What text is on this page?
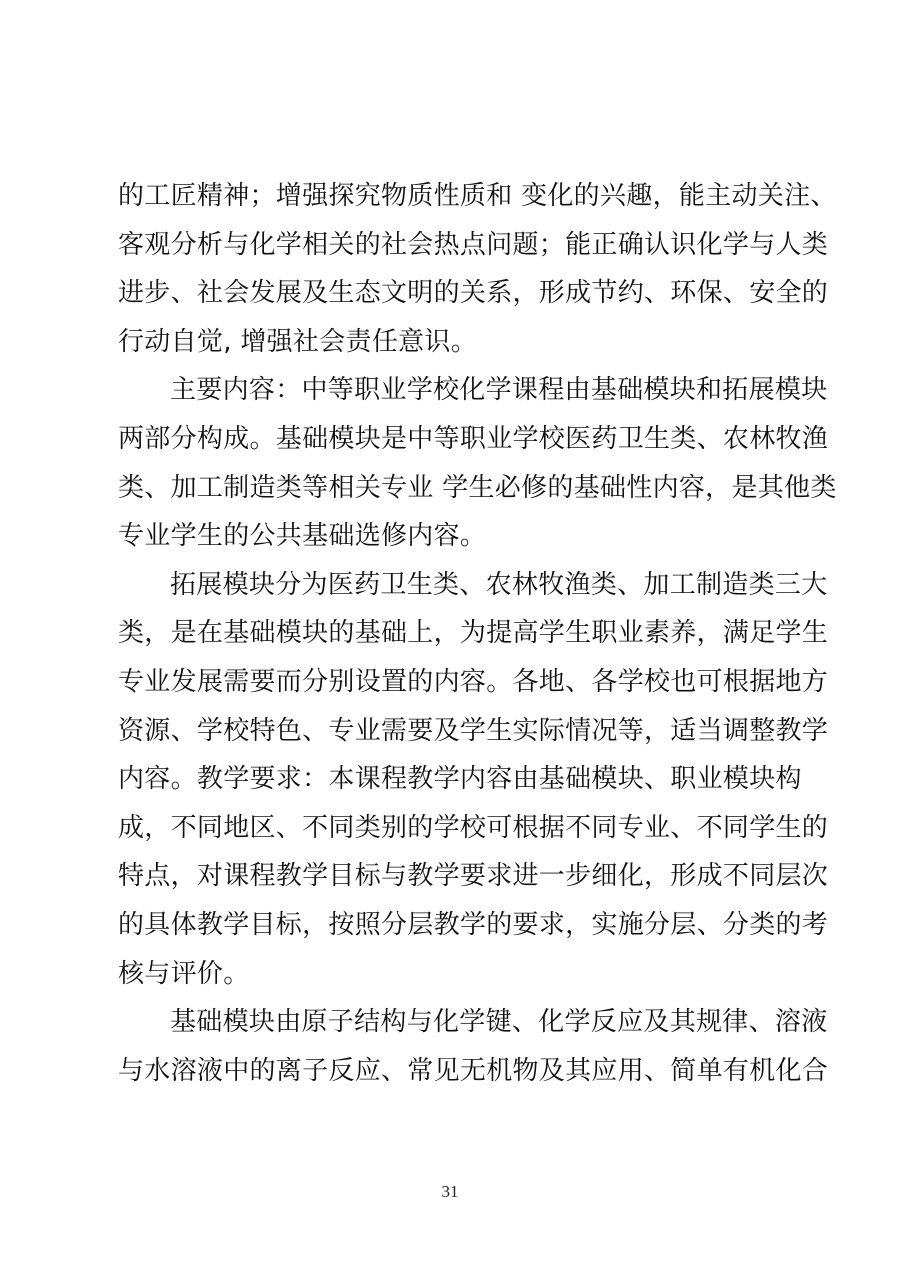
的工匠精神；增强探究物质性质和 变化的兴趣，能主动关注、
客观分析与化学相关的社会热点问题；能正确认识化学与人类
进步、社会发展及生态文明的关系，形成节约、环保、安全的
行动自觉, 增强社会责任意识。
主要内容：中等职业学校化学课程由基础模块和拓展模块
两部分构成。基础模块是中等职业学校医药卫生类、农林牧渔
类、加工制造类等相关专业 学生必修的基础性内容，是其他类
专业学生的公共基础选修内容。
拓展模块分为医药卫生类、农林牧渔类、加工制造类三大
类，是在基础模块的基础上，为提高学生职业素养，满足学生
专业发展需要而分别设置的内容。各地、各学校也可根据地方
资源、学校特色、专业需要及学生实际情况等，适当调整教学
内容。教学要求：本课程教学内容由基础模块、职业模块构
成，不同地区、不同类别的学校可根据不同专业、不同学生的
特点，对课程教学目标与教学要求进一步细化，形成不同层次
的具体教学目标，按照分层教学的要求，实施分层、分类的考
核与评价。
基础模块由原子结构与化学键、化学反应及其规律、溶液
与水溶液中的离子反应、常见无机物及其应用、简单有机化合
31
